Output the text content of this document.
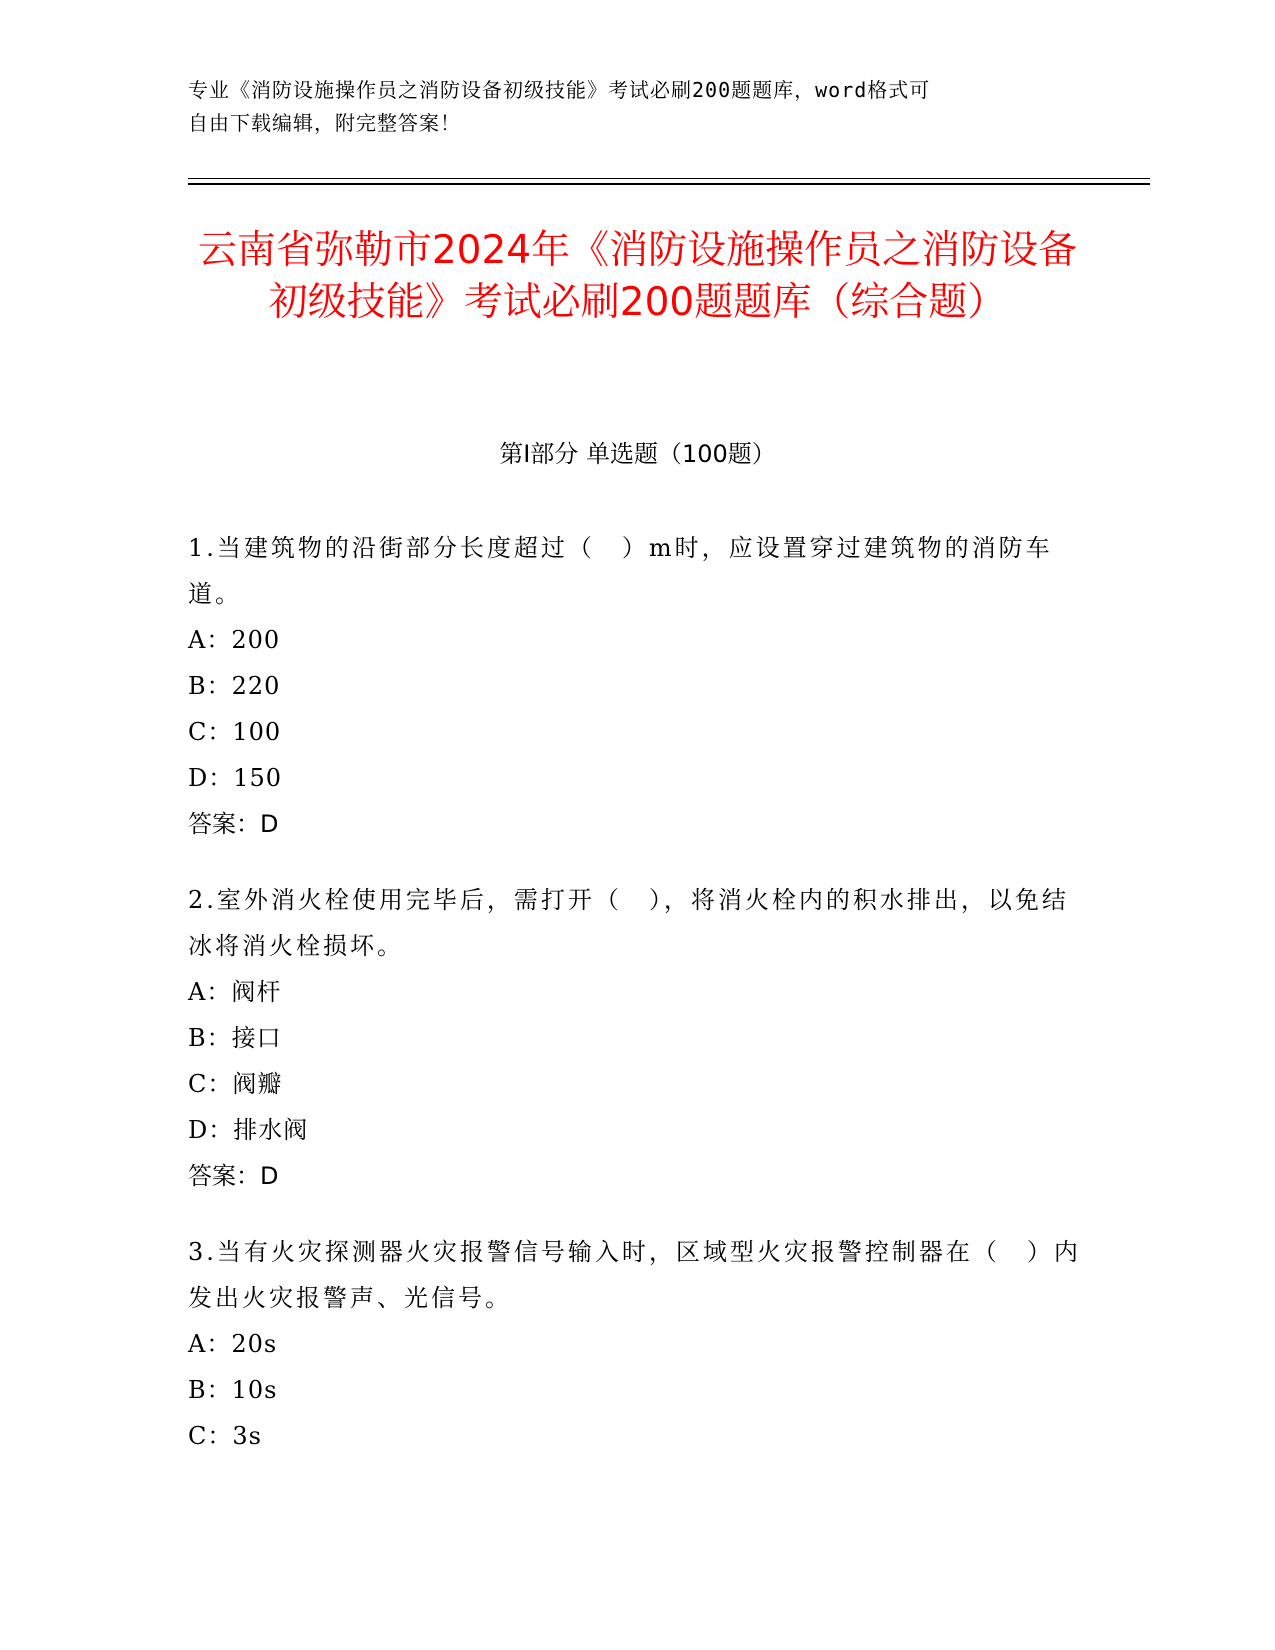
专业《消防设施操作员之消防设备初级技能》考试必刷200题题库，word格式可
自由下载编辑，附完整答案！
云南省弥勒市2024年《消防设施操作员之消防设备初级技能》考试必刷200题题库（综合题）
第I部分 单选题（100题）
1.当建筑物的沿街部分长度超过（　）m时，应设置穿过建筑物的消防车道。
A：200
B：220
C：100
D：150
答案：D
2.室外消火栓使用完毕后，需打开（　），将消火栓内的积水排出，以免结冰将消火栓损坏。
A：阀杆
B：接口
C：阀瓣
D：排水阀
答案：D
3.当有火灾探测器火灾报警信号输入时，区域型火灾报警控制器在（　）内发出火灾报警声、光信号。
A：20s
B：10s
C：3s
